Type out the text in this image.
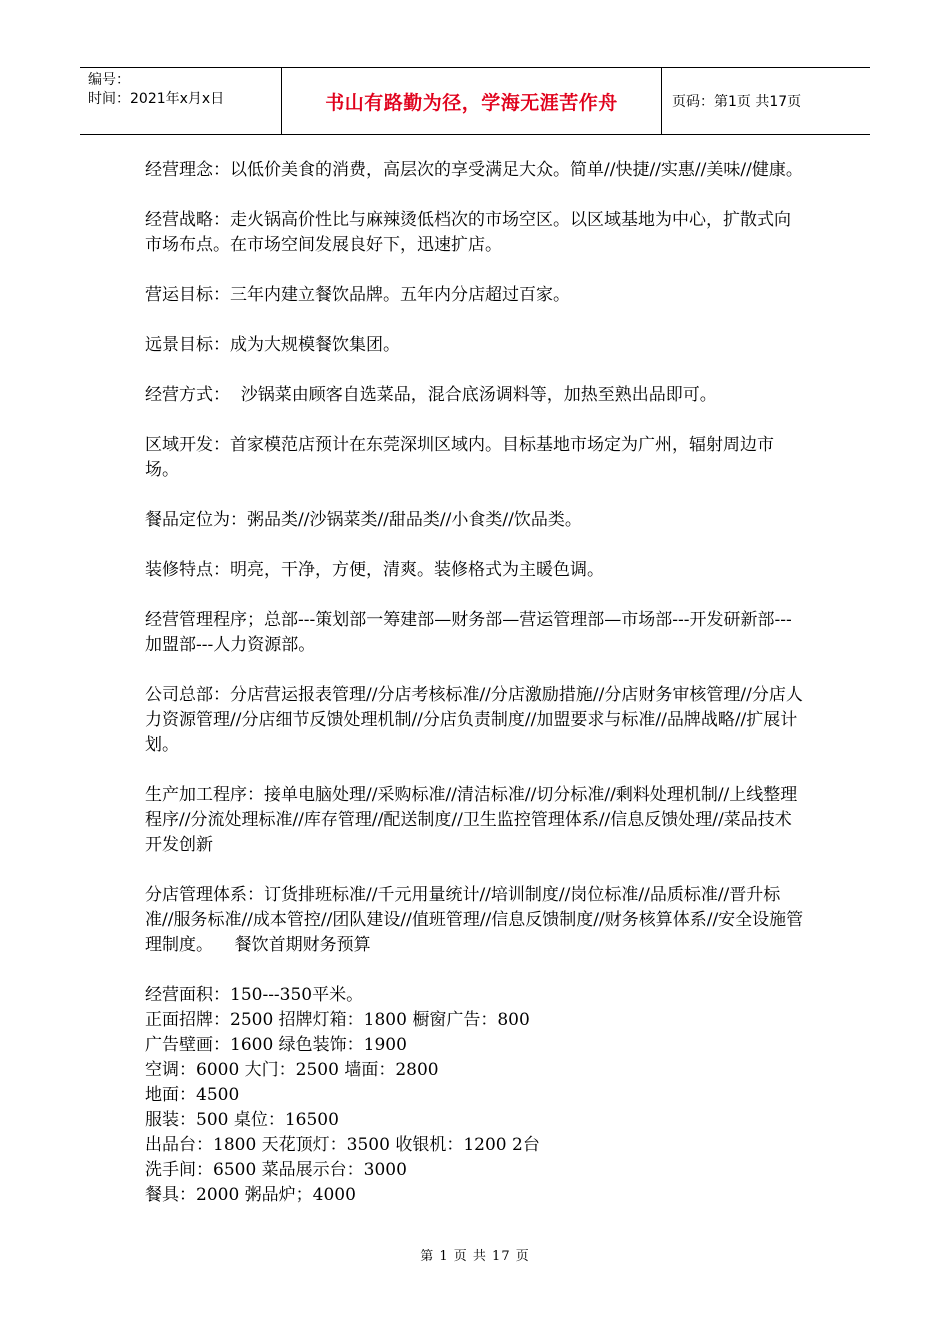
编号：
时间：2021年x月x日	书山有路勤为径，学海无涯苦作舟	页码：第1页 共17页

经营理念：以低价美食的消费，高层次的享受满足大众。简单//快捷//实惠//美味//健康。

经营战略：走火锅高价性比与麻辣烫低档次的市场空区。以区域基地为中心，扩散式向市场布点。在市场空间发展良好下，迅速扩店。

营运目标：三年内建立餐饮品牌。五年内分店超过百家。

远景目标：成为大规模餐饮集团。

经营方式：  沙锅菜由顾客自选菜品，混合底汤调料等，加热至熟出品即可。

区域开发：首家模范店预计在东莞深圳区域内。目标基地市场定为广州，辐射周边市场。

餐品定位为：粥品类//沙锅菜类//甜品类//小食类//饮品类。

装修特点：明亮，干净，方便，清爽。装修格式为主暖色调。

经营管理程序；总部---策划部一筹建部—财务部—营运管理部—市场部---开发研新部---加盟部---人力资源部。

公司总部：分店营运报表管理//分店考核标准//分店激励措施//分店财务审核管理//分店人力资源管理//分店细节反馈处理机制//分店负责制度//加盟要求与标准//品牌战略//扩展计划。

生产加工程序：接单电脑处理//采购标准//清洁标准//切分标准//剩料处理机制//上线整理程序//分流处理标准//库存管理//配送制度//卫生监控管理体系//信息反馈处理//菜品技术开发创新

分店管理体系：订货排班标准//千元用量统计//培训制度//岗位标准//品质标准//晋升标准//服务标准//成本管控//团队建设//值班管理//信息反馈制度//财务核算体系//安全设施管理制度。    餐饮首期财务预算

经营面积：150---350平米。

正面招牌：2500 招牌灯箱：1800 橱窗广告：800

广告壁画：1600 绿色装饰：1900

空调：6000 大门：2500 墙面：2800

地面：4500

服装：500 桌位：16500

出品台：1800 天花顶灯：3500 收银机：1200 2台

洗手间：6500 菜品展示台：3000

餐具：2000 粥品炉；4000

第 1 页 共 17 页
